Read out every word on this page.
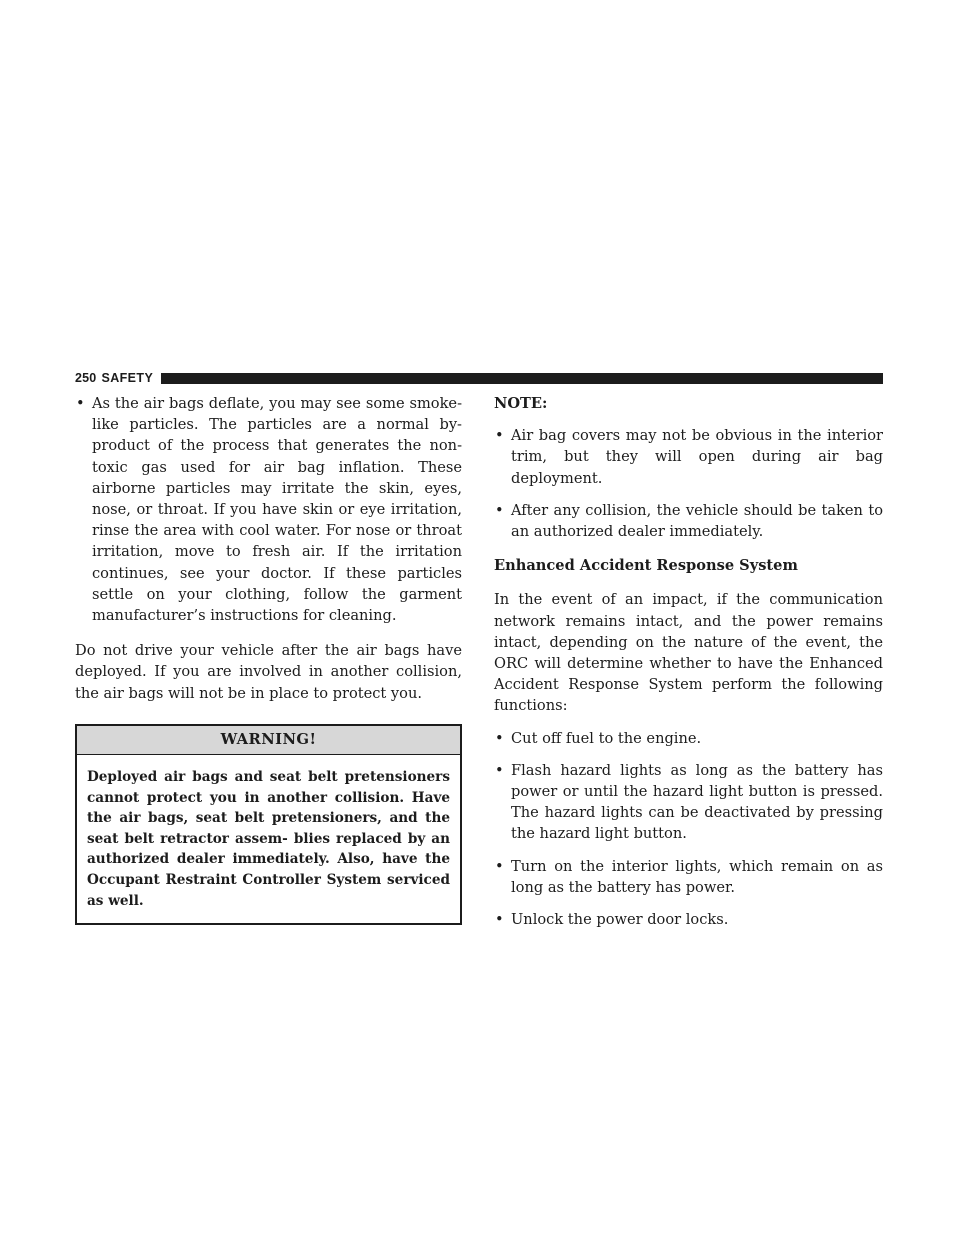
250 SAFETY
• As the air bags deflate, you may see some smoke-like particles. The particles are a normal by-product of the process that generates the non-toxic gas used for air bag inflation. These airborne particles may irritate the skin, eyes, nose, or throat. If you have skin or eye irritation, rinse the area with cool water. For nose or throat irritation, move to fresh air. If the irritation continues, see your doctor. If these particles settle on your clothing, follow the garment manufacturer’s instructions for cleaning.

Do not drive your vehicle after the air bags have deployed. If you are involved in another collision, the air bags will not be in place to protect you.

WARNING!
Deployed air bags and seat belt pretensioners cannot protect you in another collision. Have the air bags, seat belt pretensioners, and the seat belt retractor assem- blies replaced by an authorized dealer immediately. Also, have the Occupant Restraint Controller System serviced as well.

NOTE:

• Air bag covers may not be obvious in the interior trim, but they will open during air bag deployment.
• After any collision, the vehicle should be taken to an authorized dealer immediately.

Enhanced Accident Response System

In the event of an impact, if the communication network remains intact, and the power remains intact, depending on the nature of the event, the ORC will determine whether to have the Enhanced Accident Response System perform the following functions:

• Cut off fuel to the engine.
• Flash hazard lights as long as the battery has power or until the hazard light button is pressed. The hazard lights can be deactivated by pressing the hazard light button.
• Turn on the interior lights, which remain on as long as the battery has power.
• Unlock the power door locks.
